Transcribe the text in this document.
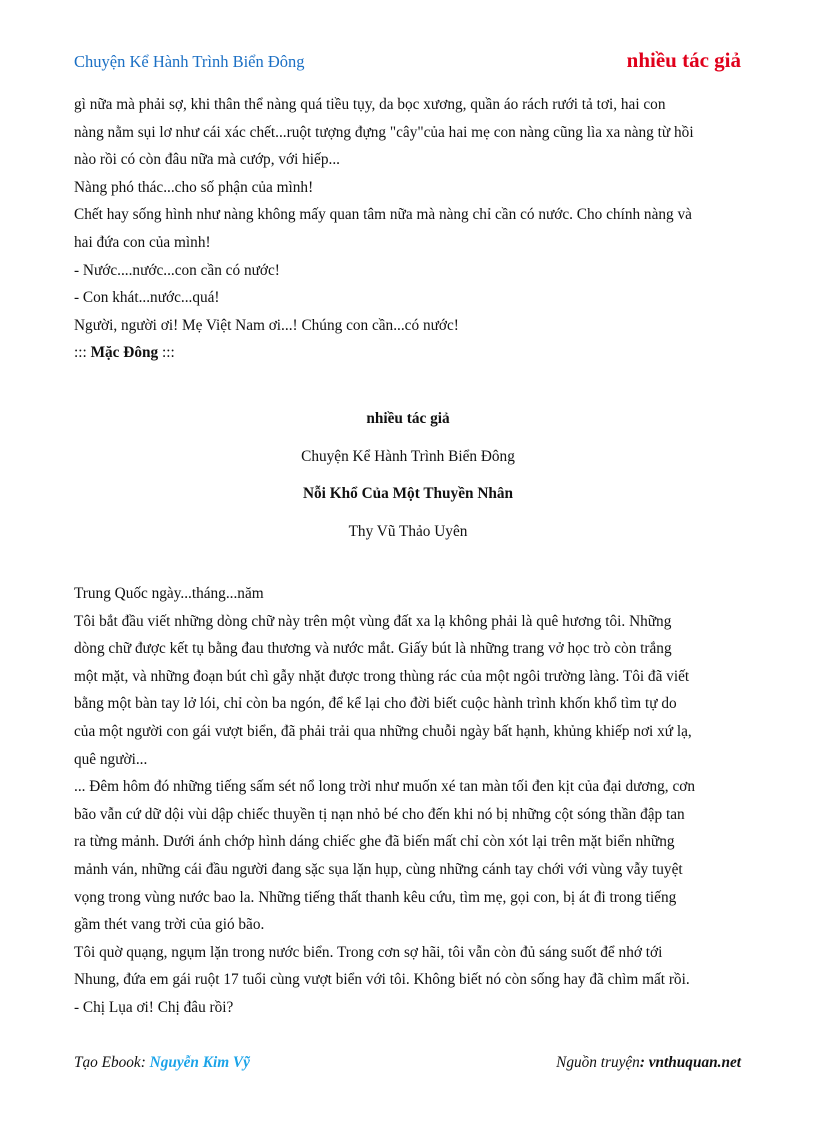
Chuyện Kể Hành Trình Biển Đông	nhiều tác giả

gì nữa mà phải sợ, khi thân thể nàng quá tiều tụy, da bọc xương, quần áo rách rưới tả tơi, hai con

nàng nằm sụi lơ như cái xác chết...ruột tượng đựng "cây"của hai mẹ con nàng cũng lìa xa nàng từ hồi

nào rồi có còn đâu nữa mà cướp, với hiếp...

Nàng phó thác...cho số phận của mình!

Chết hay sống hình như nàng không mấy quan tâm nữa mà nàng chỉ cần có nước. Cho chính nàng và

hai đứa con của mình!

- Nước....nước...con cần có nước!

- Con khát...nước...quá!

Người, người ơi! Mẹ Việt Nam ơi...! Chúng con cần...có nước!

::: Mặc Đông :::

nhiều tác giả

Chuyện Kể Hành Trình Biển Đông

Nỗi Khổ Của Một Thuyền Nhân

Thy Vũ Thảo Uyên

Trung Quốc ngày...tháng...năm

Tôi bắt đầu viết những dòng chữ này trên một vùng đất xa lạ không phải là quê hương tôi. Những

dòng chữ được kết tụ bằng đau thương và nước mắt. Giấy bút là những trang vở học trò còn trắng

một mặt, và những đoạn bút chì gẫy nhặt được trong thùng rác của một ngôi trường làng. Tôi đã viết

bằng một bàn tay lở lói, chỉ còn ba ngón, để kể lại cho đời biết cuộc hành trình khốn khổ tìm tự do

của một người con gái vượt biển, đã phải trải qua những chuỗi ngày bất hạnh, khủng khiếp nơi xứ lạ,

quê người...

... Đêm hôm đó những tiếng sấm sét nổ long trời như muốn xé tan màn tối đen kịt của đại dương, cơn

bão vẫn cứ dữ dội vùi dập chiếc thuyền tị nạn nhỏ bé cho đến khi nó bị những cột sóng thần đập tan

ra từng mảnh. Dưới ánh chớp hình dáng chiếc ghe đã biến mất chỉ còn xót lại trên mặt biển những

mảnh ván, những cái đầu người đang sặc sụa lặn hụp, cùng những cánh tay chới với vùng vẫy tuyệt

vọng trong vùng nước bao la. Những tiếng thất thanh kêu cứu, tìm mẹ, gọi con, bị át đi trong tiếng

gầm thét vang trời của gió bão.

Tôi quờ quạng, ngụm lặn trong nước biển. Trong cơn sợ hãi, tôi vẫn còn đủ sáng suốt để nhớ tới

Nhung, đứa em gái ruột 17 tuổi cùng vượt biển với tôi. Không biết nó còn sống hay đã chìm mất rồi.

- Chị Lụa ơi! Chị đâu rồi?

Tạo Ebook: Nguyễn Kim Vỹ	Nguồn truyện: vnthuquan.net
